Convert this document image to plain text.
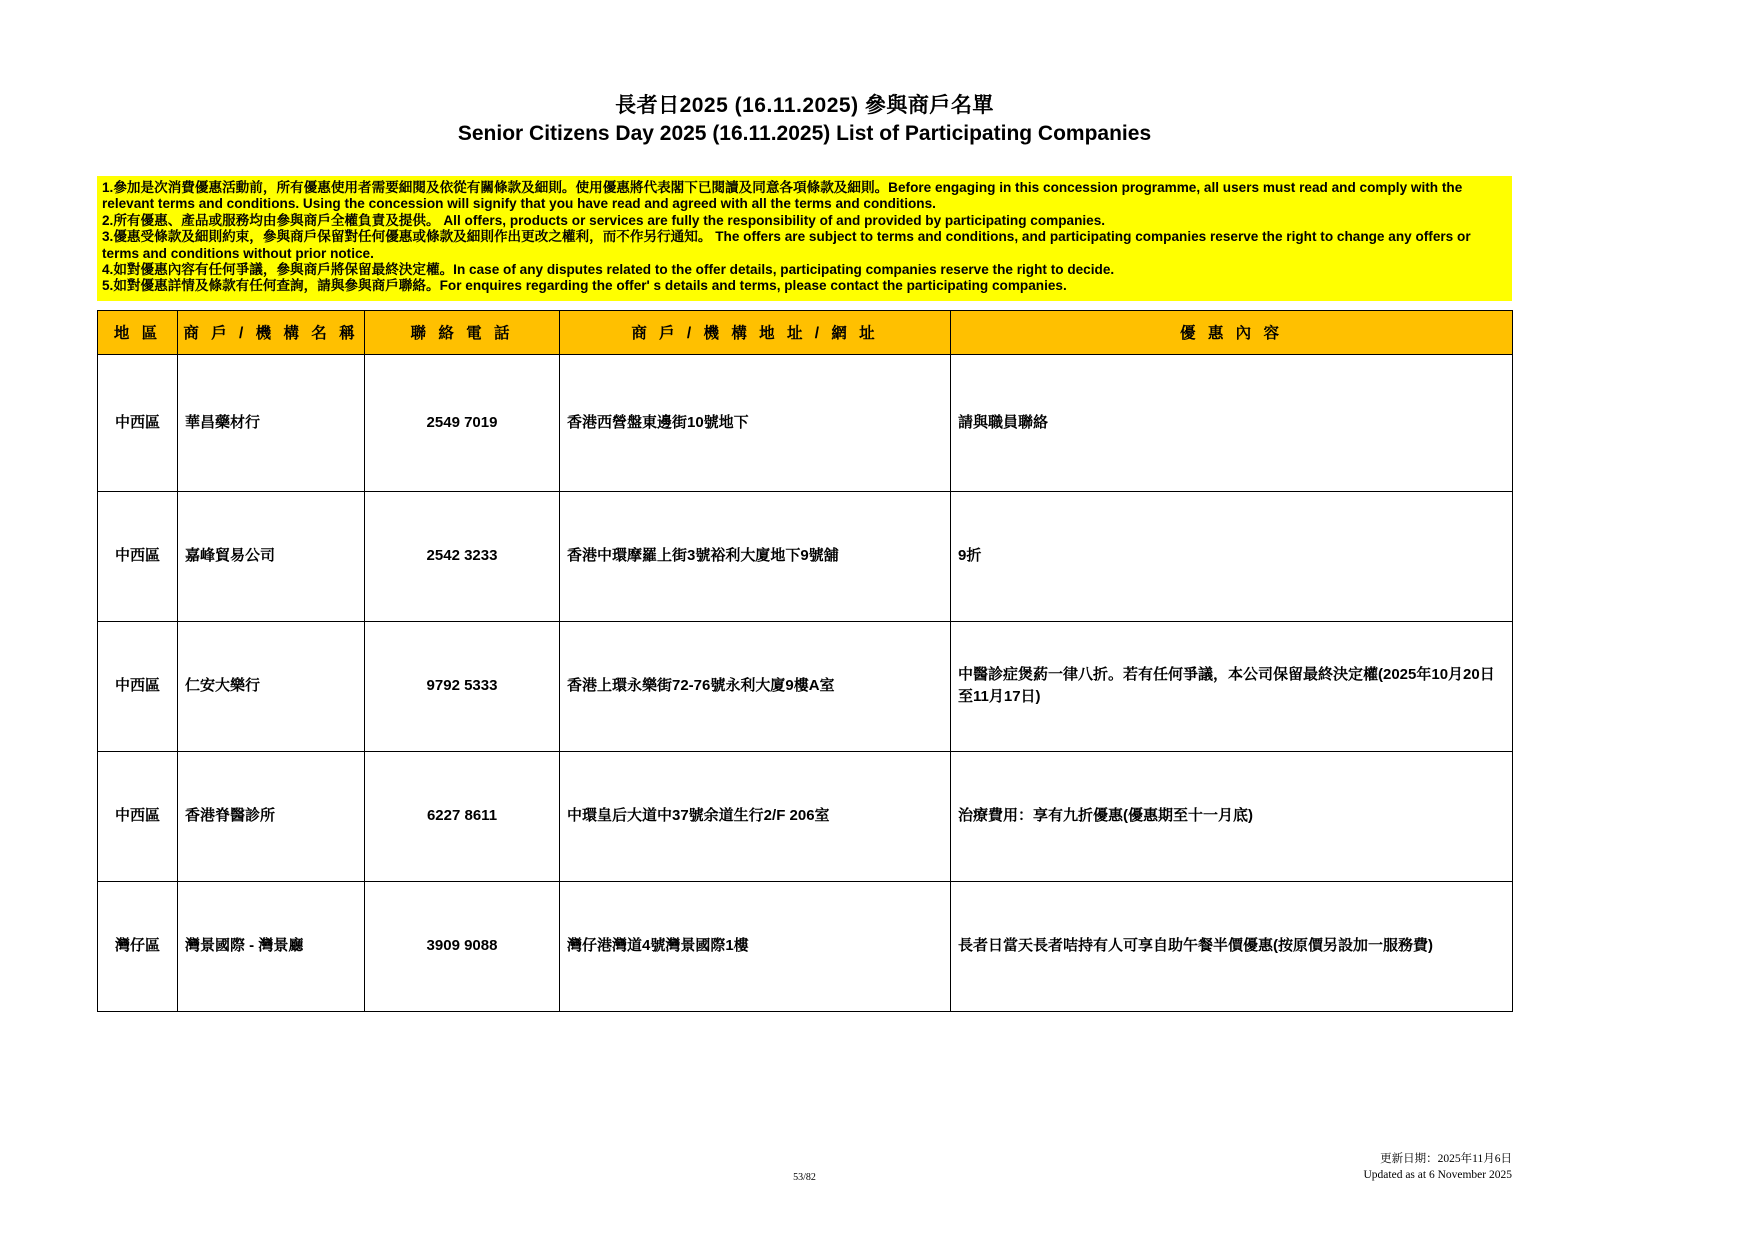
長者日2025 (16.11.2025) 參與商戶名單
Senior Citizens Day 2025 (16.11.2025) List of Participating Companies
1.參加是次消費優惠活動前，所有優惠使用者需要細閱及依從有關條款及細則。使用優惠將代表閣下已閱讀及同意各項條款及細則。Before engaging in this concession programme, all users must read and comply with the relevant terms and conditions. Using the concession will signify that you have read and agreed with all the terms and conditions.
2.所有優惠、產品或服務均由參與商戶全權負責及提供。 All offers, products or services are fully the responsibility of and provided by participating companies.
3.優惠受條款及細則約束，參與商戶保留對任何優惠或條款及細則作出更改之權利，而不作另行通知。 The offers are subject to terms and conditions, and participating companies reserve the right to change any offers or terms and conditions without prior notice.
4.如對優惠內容有任何爭議，參與商戶將保留最終決定權。In case of any disputes related to the offer details, participating companies reserve the right to decide.
5.如對優惠詳情及條款有任何查詢，請與參與商戶聯絡。For enquires regarding the offer' s details and terms, please contact the participating companies.
地 區	商 戶 / 機 構 名 稱	聯 絡 電 話	商 戶 / 機 構 地 址 / 網 址	優 惠 內 容
中西區	華昌藥材行	2549 7019	香港西營盤東邊街10號地下	請與職員聯絡
中西區	嘉峰貿易公司	2542 3233	香港中環摩羅上街3號裕利大廈地下9號舖	9折
中西區	仁安大樂行	9792 5333	香港上環永樂街72-76號永利大廈9樓A室	中醫診症煲葯一律八折。若有任何爭議，本公司保留最終決定權(2025年10月20日至11月17日)
中西區	香港脊醫診所	6227 8611	中環皇后大道中37號余道生行2/F 206室	治療費用：享有九折優惠(優惠期至十一月底)
灣仔區	灣景國際 - 灣景廳	3909 9088	灣仔港灣道4號灣景國際1樓	長者日當天長者咭持有人可享自助午餐半價優惠(按原價另設加一服務費)
53/82
更新日期：2025年11月6日
Updated as at 6 November 2025
